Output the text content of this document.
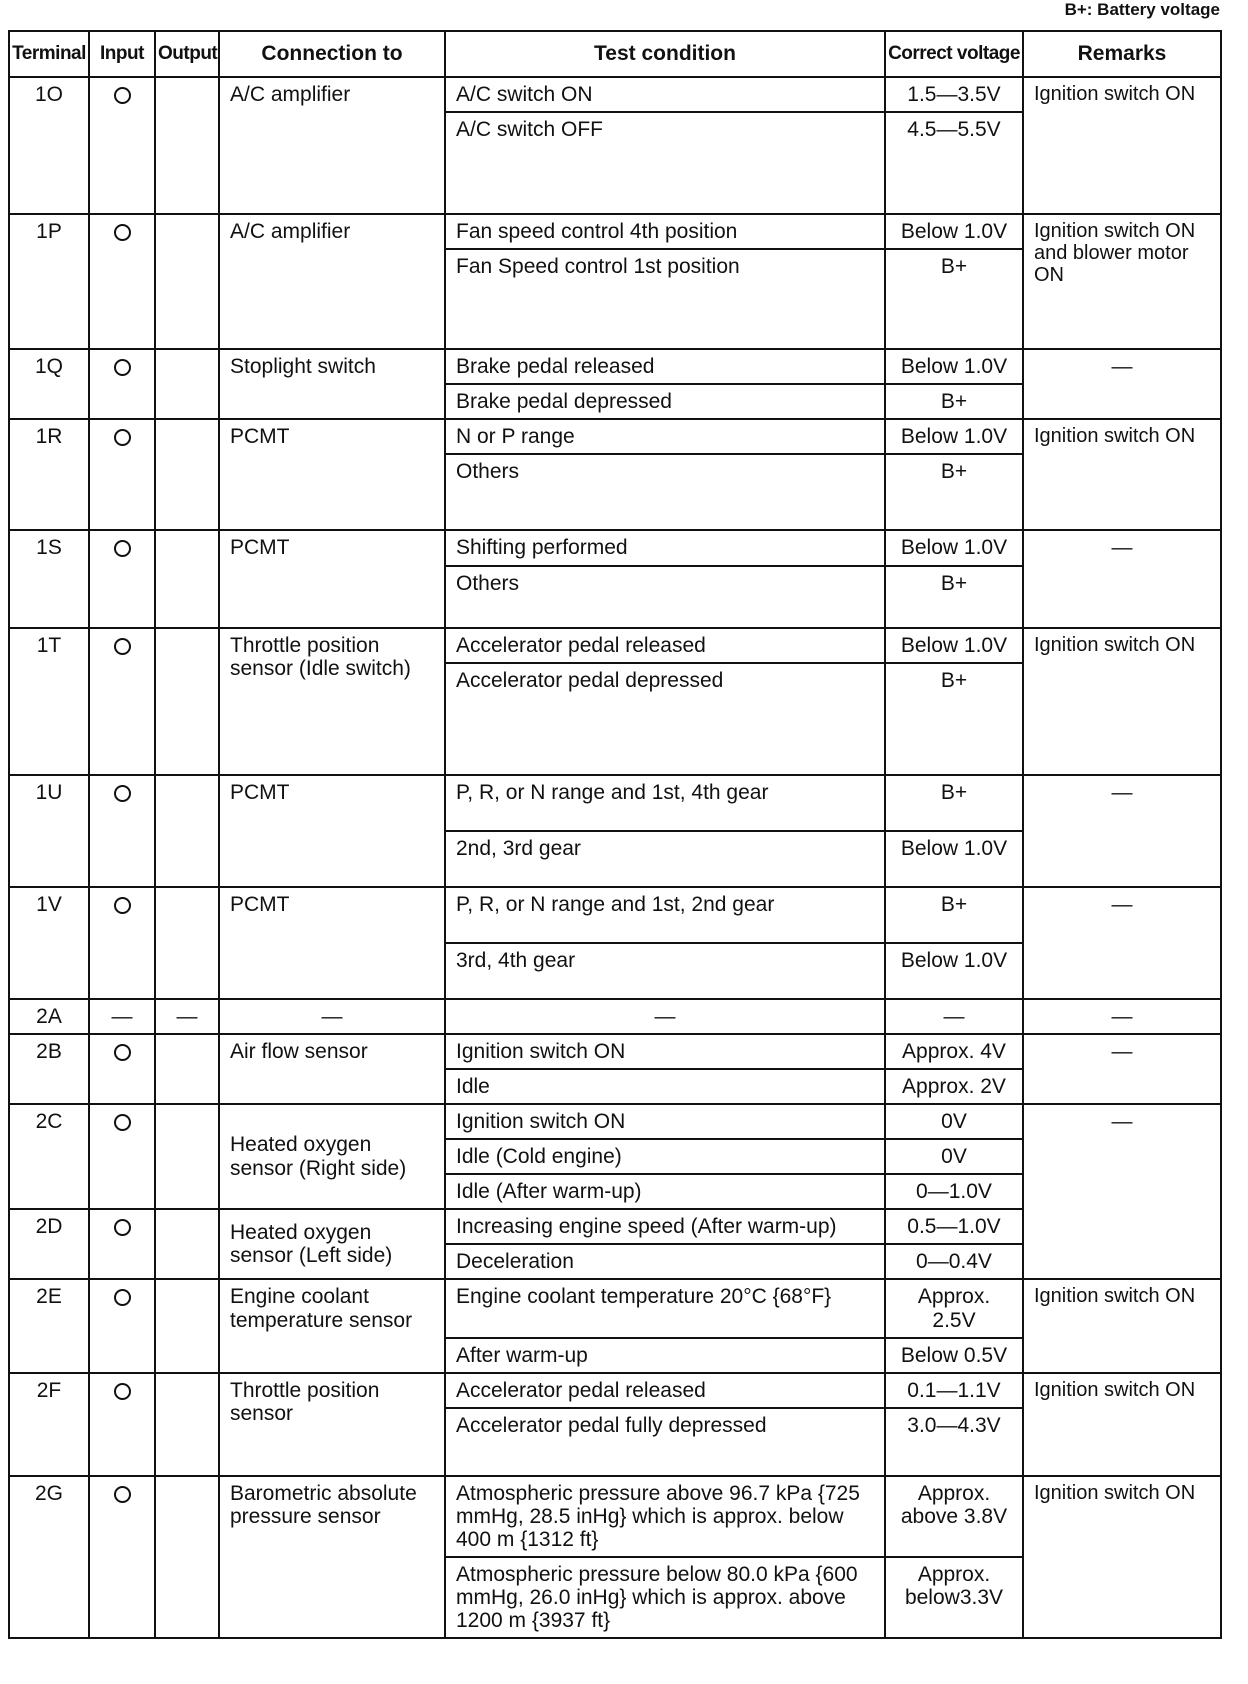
B+: Battery voltage
Terminal	Input	Output	Connection to	Test condition	Correct voltage	Remarks
1O			A/C amplifier	A/C switch ON	1.5—3.5V	Ignition switch ON
				A/C switch OFF	4.5—5.5V	
1P			A/C amplifier	Fan speed control 4th position	Below 1.0V	Ignition switch ON and blower motor ON
				Fan Speed control 1st position	B+	
1Q			Stoplight switch	Brake pedal released	Below 1.0V	—
				Brake pedal depressed	B+	
1R			PCMT	N or P range	Below 1.0V	Ignition switch ON
				Others	B+	
1S			PCMT	Shifting performed	Below 1.0V	—
				Others	B+	
1T			Throttle position sensor (Idle switch)	Accelerator pedal released	Below 1.0V	Ignition switch ON
				Accelerator pedal depressed	B+	
1U			PCMT	P, R, or N range and 1st, 4th gear	B+	—
				2nd, 3rd gear	Below 1.0V	
1V			PCMT	P, R, or N range and 1st, 2nd gear	B+	—
				3rd, 4th gear	Below 1.0V	
2A	—	—	—	—	—	—
2B			Air flow sensor	Ignition switch ON	Approx. 4V	—
				Idle	Approx. 2V	
2C			Heated oxygen sensor (Right side)	Ignition switch ON	0V	—
				Idle (Cold engine)	0V	
				Idle (After warm-up)	0—1.0V	
2D			Heated oxygen sensor (Left side)	Increasing engine speed (After warm-up)	0.5—1.0V	
				Deceleration	0—0.4V	
2E			Engine coolant temperature sensor	Engine coolant temperature 20°C {68°F}	Approx. 2.5V	Ignition switch ON
				After warm-up	Below 0.5V	
2F			Throttle position sensor	Accelerator pedal released	0.1—1.1V	Ignition switch ON
				Accelerator pedal fully depressed	3.0—4.3V	
2G			Barometric absolute pressure sensor	Atmospheric pressure above 96.7 kPa {725 mmHg, 28.5 inHg} which is approx. below 400 m {1312 ft}	Approx. above 3.8V	Ignition switch ON
				Atmospheric pressure below 80.0 kPa {600 mmHg, 26.0 inHg} which is approx. above 1200 m {3937 ft}	Approx. below3.3V	
